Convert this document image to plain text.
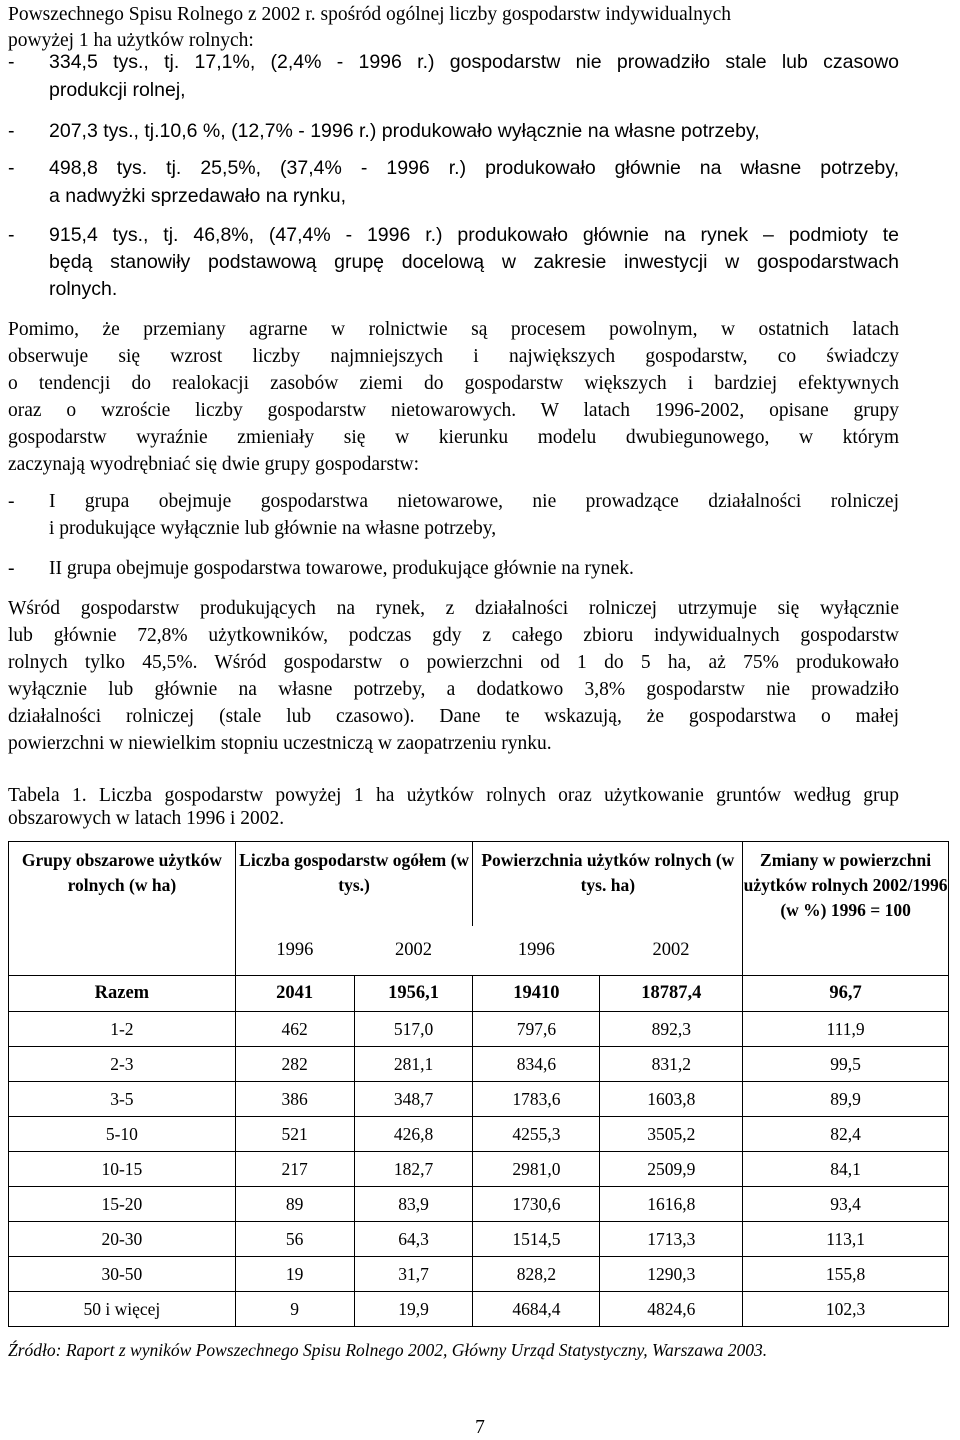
Powszechnego Spisu Rolnego z 2002 r. spośród ogólnej liczby gospodarstw indywidualnych
powyżej 1 ha użytków rolnych:
- 334,5 tys., tj. 17,1%, (2,4% - 1996 r.) gospodarstw nie prowadziło stale lub czasowo
produkcji rolnej,
- 207,3 tys., tj.10,6 %, (12,7% - 1996 r.) produkowało wyłącznie na własne potrzeby,
- 498,8 tys. tj. 25,5%, (37,4% - 1996 r.) produkowało głównie na własne potrzeby,
a nadwyżki sprzedawało na rynku,
- 915,4 tys., tj. 46,8%, (47,4% - 1996 r.) produkowało głównie na rynek – podmioty te
będą stanowiły podstawową grupę docelową w zakresie inwestycji w gospodarstwach
rolnych.
Pomimo, że przemiany agrarne w rolnictwie są procesem powolnym, w ostatnich latach
obserwuje się wzrost liczby najmniejszych i największych gospodarstw, co świadczy
o tendencji do realokacji zasobów ziemi do gospodarstw większych i bardziej efektywnych
oraz o wzroście liczby gospodarstw nietowarowych. W latach 1996-2002, opisane grupy
gospodarstw wyraźnie zmieniały się w kierunku modelu dwubiegunowego, w którym
zaczynają wyodrębniać się dwie grupy gospodarstw:
- I grupa obejmuje gospodarstwa nietowarowe, nie prowadzące działalności rolniczej
i produkujące wyłącznie lub głównie na własne potrzeby,
- II grupa obejmuje gospodarstwa towarowe, produkujące głównie na rynek.
Wśród gospodarstw produkujących na rynek, z działalności rolniczej utrzymuje się wyłącznie
lub głównie 72,8% użytkowników, podczas gdy z całego zbioru indywidualnych gospodarstw
rolnych tylko 45,5%. Wśród gospodarstw o powierzchni od 1 do 5 ha, aż 75% produkowało
wyłącznie lub głównie na własne potrzeby, a dodatkowo 3,8% gospodarstw nie prowadziło
działalności rolniczej (stale lub czasowo). Dane te wskazują, że gospodarstwa o małej
powierzchni w niewielkim stopniu uczestniczą w zaopatrzeniu rynku.
Tabela 1. Liczba gospodarstw powyżej 1 ha użytków rolnych oraz użytkowanie gruntów według grup
obszarowych w latach 1996 i 2002.
Grupy obszarowe użytków rolnych (w ha)	Liczba gospodarstw ogółem (w tys.)		Powierzchnia użytków rolnych (w tys. ha)		Zmiany w powierzchni użytków rolnych 2002/1996 (w %) 1996 = 100
	1996	2002	1996	2002	
Razem	2041	1956,1	19410	18787,4	96,7
1-2	462	517,0	797,6	892,3	111,9
2-3	282	281,1	834,6	831,2	99,5
3-5	386	348,7	1783,6	1603,8	89,9
5-10	521	426,8	4255,3	3505,2	82,4
10-15	217	182,7	2981,0	2509,9	84,1
15-20	89	83,9	1730,6	1616,8	93,4
20-30	56	64,3	1514,5	1713,3	113,1
30-50	19	31,7	828,2	1290,3	155,8
50 i więcej	9	19,9	4684,4	4824,6	102,3
Źródło: Raport z wyników Powszechnego Spisu Rolnego 2002, Główny Urząd Statystyczny, Warszawa 2003.
7
